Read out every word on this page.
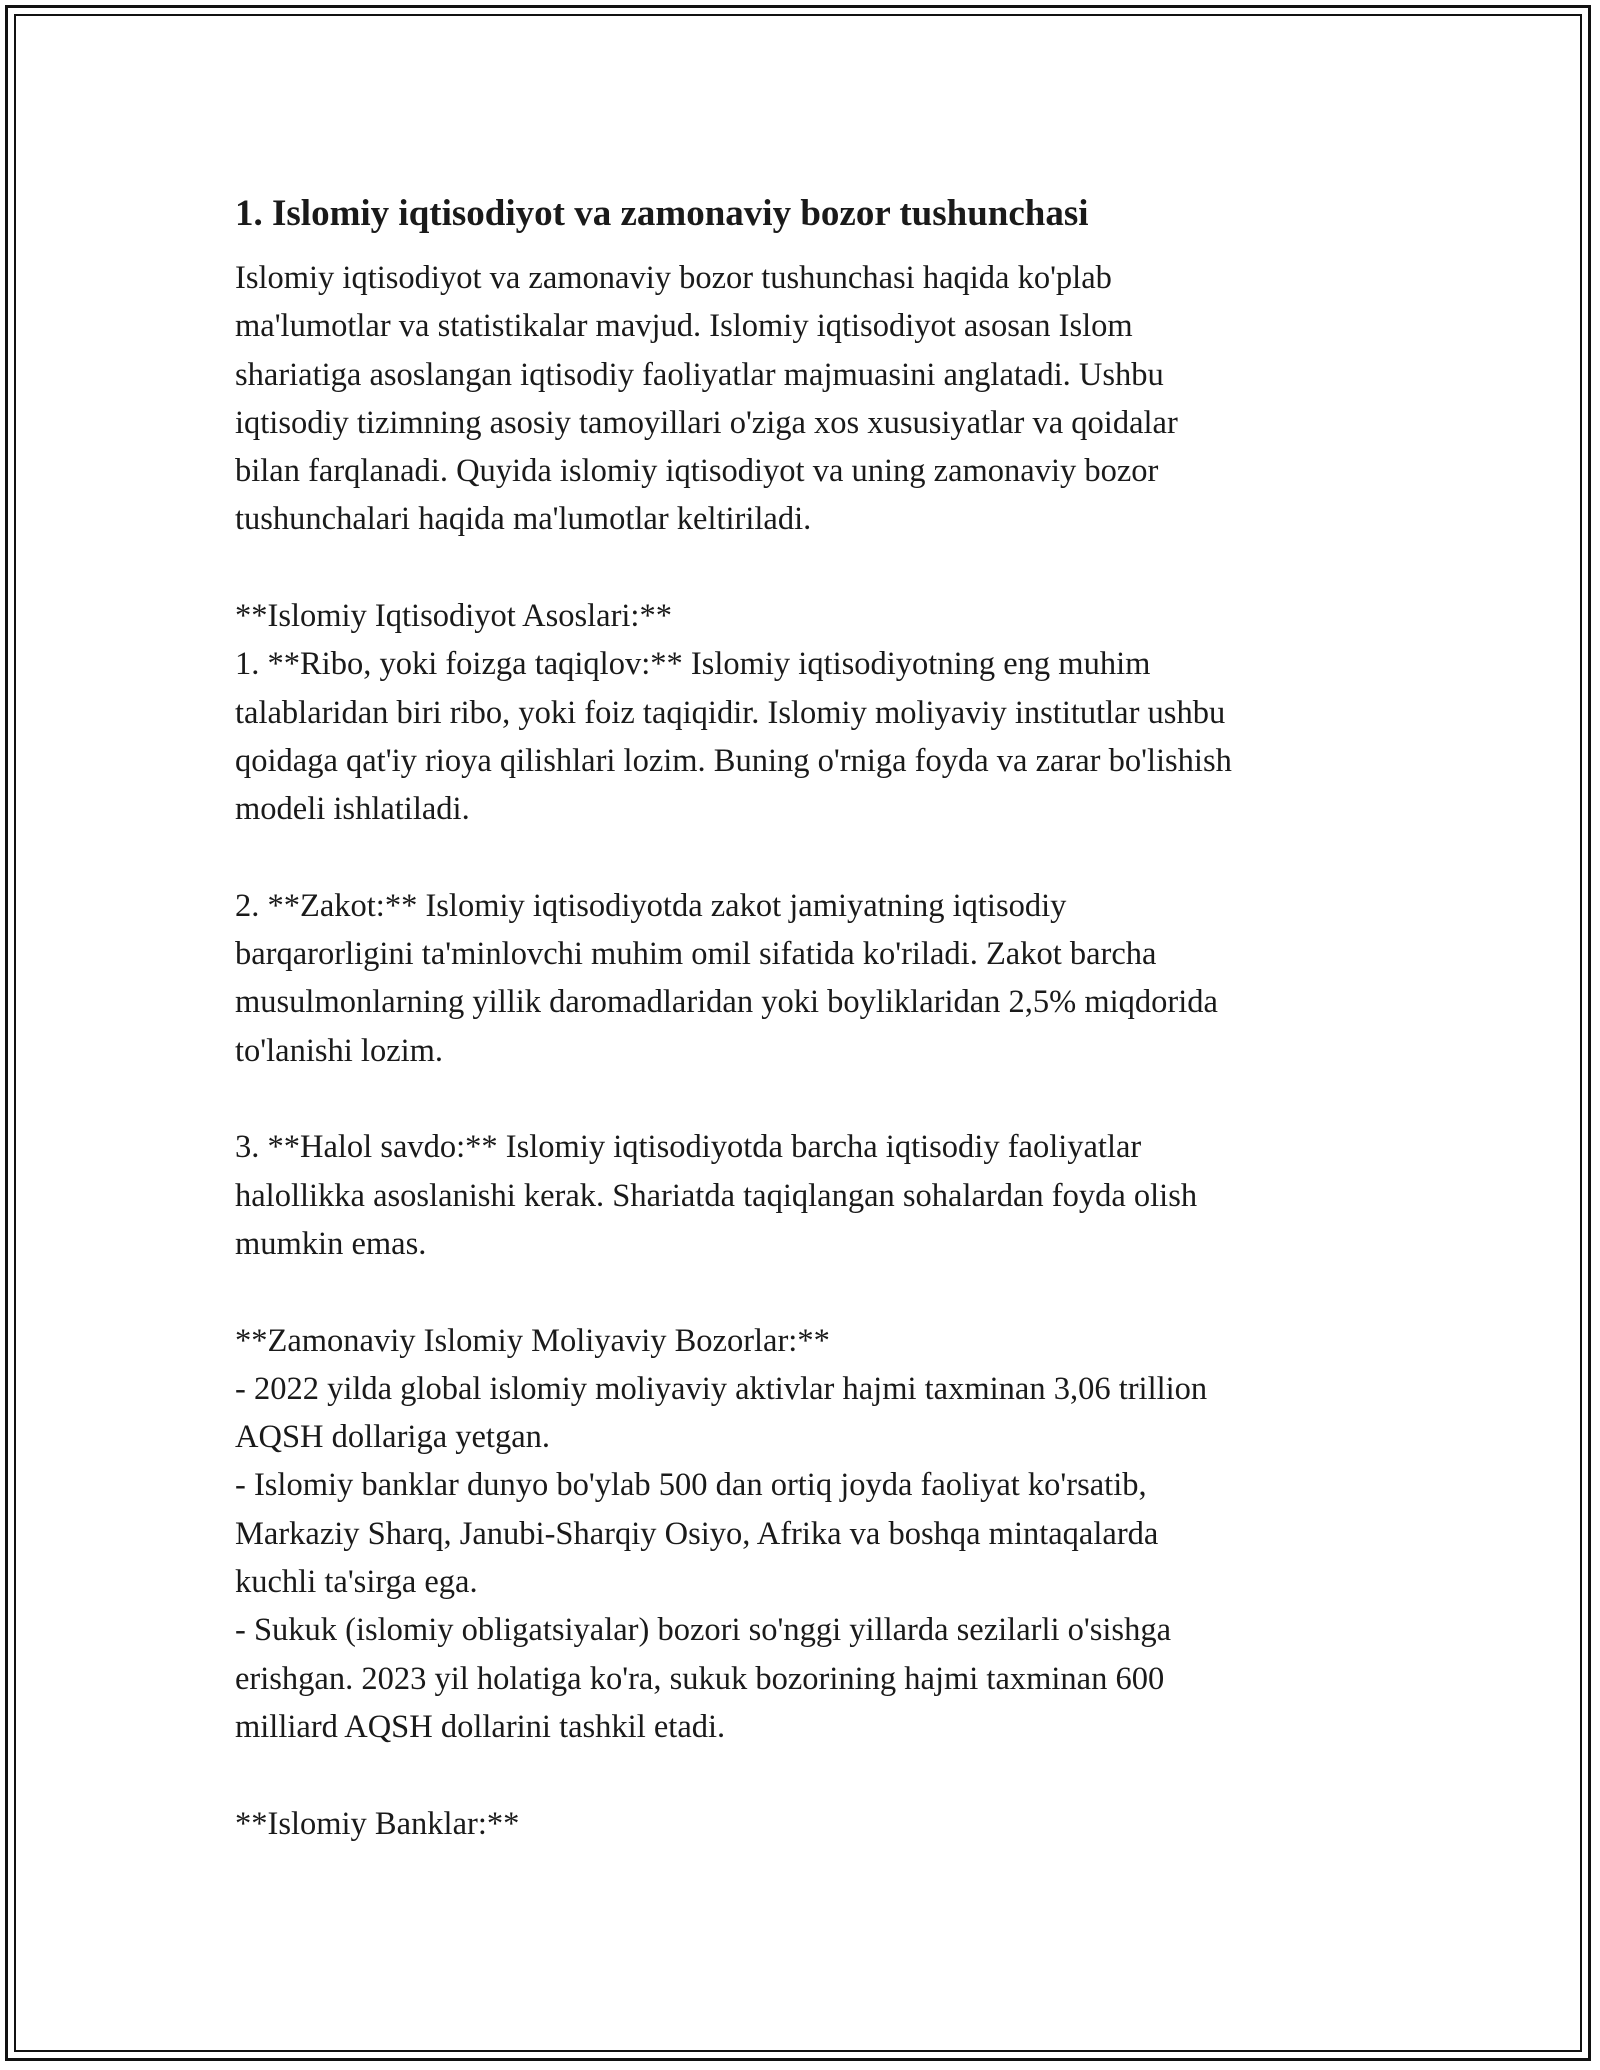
1. Islomiy iqtisodiyot va zamonaviy bozor tushunchasi
Islomiy iqtisodiyot va zamonaviy bozor tushunchasi haqida ko'plab
ma'lumotlar va statistikalar mavjud. Islomiy iqtisodiyot asosan Islom
shariatiga asoslangan iqtisodiy faoliyatlar majmuasini anglatadi. Ushbu
iqtisodiy tizimning asosiy tamoyillari o'ziga xos xususiyatlar va qoidalar
bilan farqlanadi. Quyida islomiy iqtisodiyot va uning zamonaviy bozor
tushunchalari haqida ma'lumotlar keltiriladi.
**Islomiy Iqtisodiyot Asoslari:**
1. **Ribo, yoki foizga taqiqlov:** Islomiy iqtisodiyotning eng muhim
talablaridan biri ribo, yoki foiz taqiqidir. Islomiy moliyaviy institutlar ushbu
qoidaga qat'iy rioya qilishlari lozim. Buning o'rniga foyda va zarar bo'lishish
modeli ishlatiladi.
2. **Zakot:** Islomiy iqtisodiyotda zakot jamiyatning iqtisodiy
barqarorligini ta'minlovchi muhim omil sifatida ko'riladi. Zakot barcha
musulmonlarning yillik daromadlaridan yoki boyliklaridan 2,5% miqdorida
to'lanishi lozim.
3. **Halol savdo:** Islomiy iqtisodiyotda barcha iqtisodiy faoliyatlar
halollikka asoslanishi kerak. Shariatda taqiqlangan sohalardan foyda olish
mumkin emas.
**Zamonaviy Islomiy Moliyaviy Bozorlar:**
- 2022 yilda global islomiy moliyaviy aktivlar hajmi taxminan 3,06 trillion
AQSH dollariga yetgan.
- Islomiy banklar dunyo bo'ylab 500 dan ortiq joyda faoliyat ko'rsatib,
Markaziy Sharq, Janubi-Sharqiy Osiyo, Afrika va boshqa mintaqalarda
kuchli ta'sirga ega.
- Sukuk (islomiy obligatsiyalar) bozori so'nggi yillarda sezilarli o'sishga
erishgan. 2023 yil holatiga ko'ra, sukuk bozorining hajmi taxminan 600
milliard AQSH dollarini tashkil etadi.
**Islomiy Banklar:**
